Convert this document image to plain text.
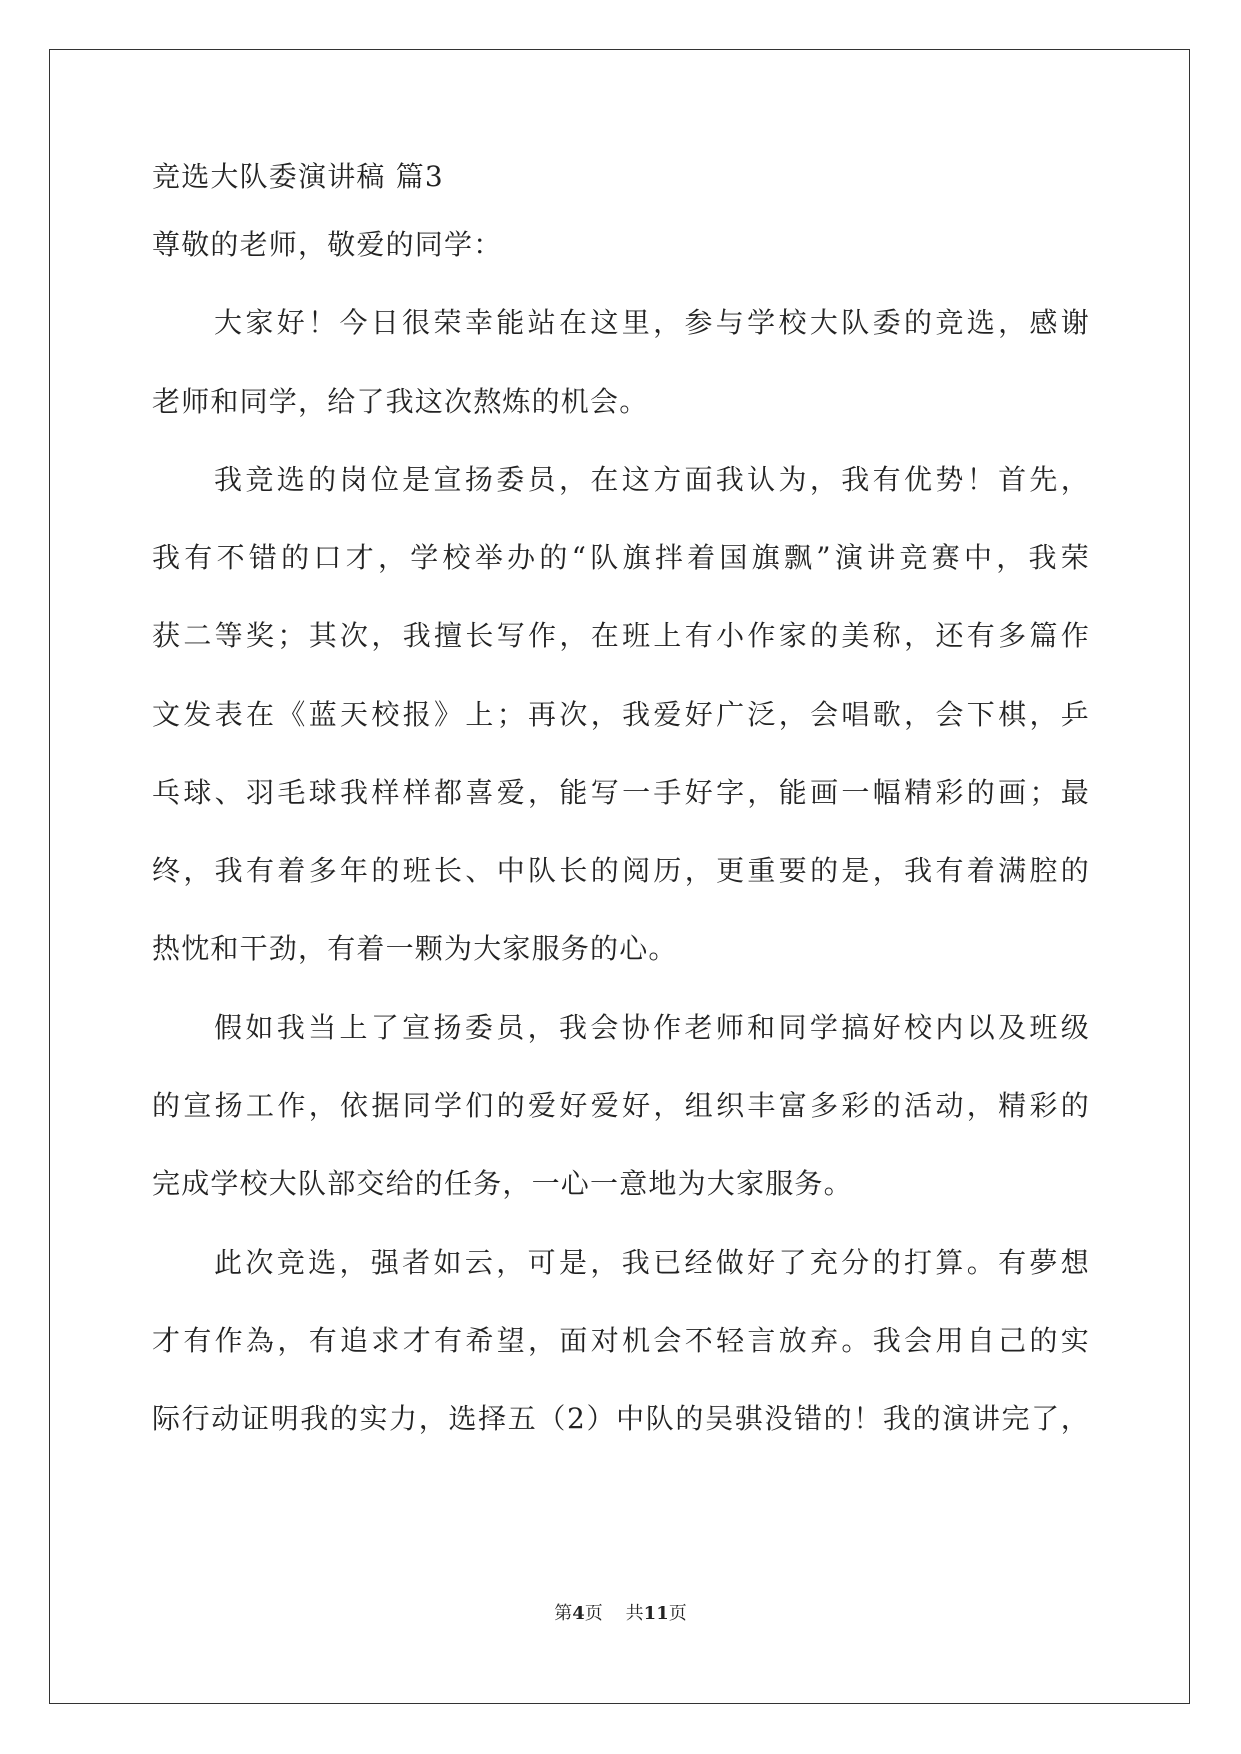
竞选大队委演讲稿 篇3
尊敬的老师，敬爱的同学：
大家好！今日很荣幸能站在这里，参与学校大队委的竞选，感谢
老师和同学，给了我这次熬炼的机会。
我竞选的岗位是宣扬委员，在这方面我认为，我有优势！首先，
我有不错的口才，学校举办的“队旗拌着国旗飘”演讲竞赛中，我荣
获二等奖；其次，我擅长写作，在班上有小作家的美称，还有多篇作
文发表在《蓝天校报》上；再次，我爱好广泛，会唱歌，会下棋，乒
乓球、羽毛球我样样都喜爱，能写一手好字，能画一幅精彩的画；最
终，我有着多年的班长、中队长的阅历，更重要的是，我有着满腔的
热忱和干劲，有着一颗为大家服务的心。
假如我当上了宣扬委员，我会协作老师和同学搞好校内以及班级
的宣扬工作，依据同学们的爱好爱好，组织丰富多彩的活动，精彩的
完成学校大队部交给的任务，一心一意地为大家服务。
此次竞选，强者如云，可是，我已经做好了充分的打算。有夢想
才有作為，有追求才有希望，面对机会不轻言放弃。我会用自己的实
际行动证明我的实力，选择五（2）中队的吴骐没错的！我的演讲完了，
第4页 共11页
